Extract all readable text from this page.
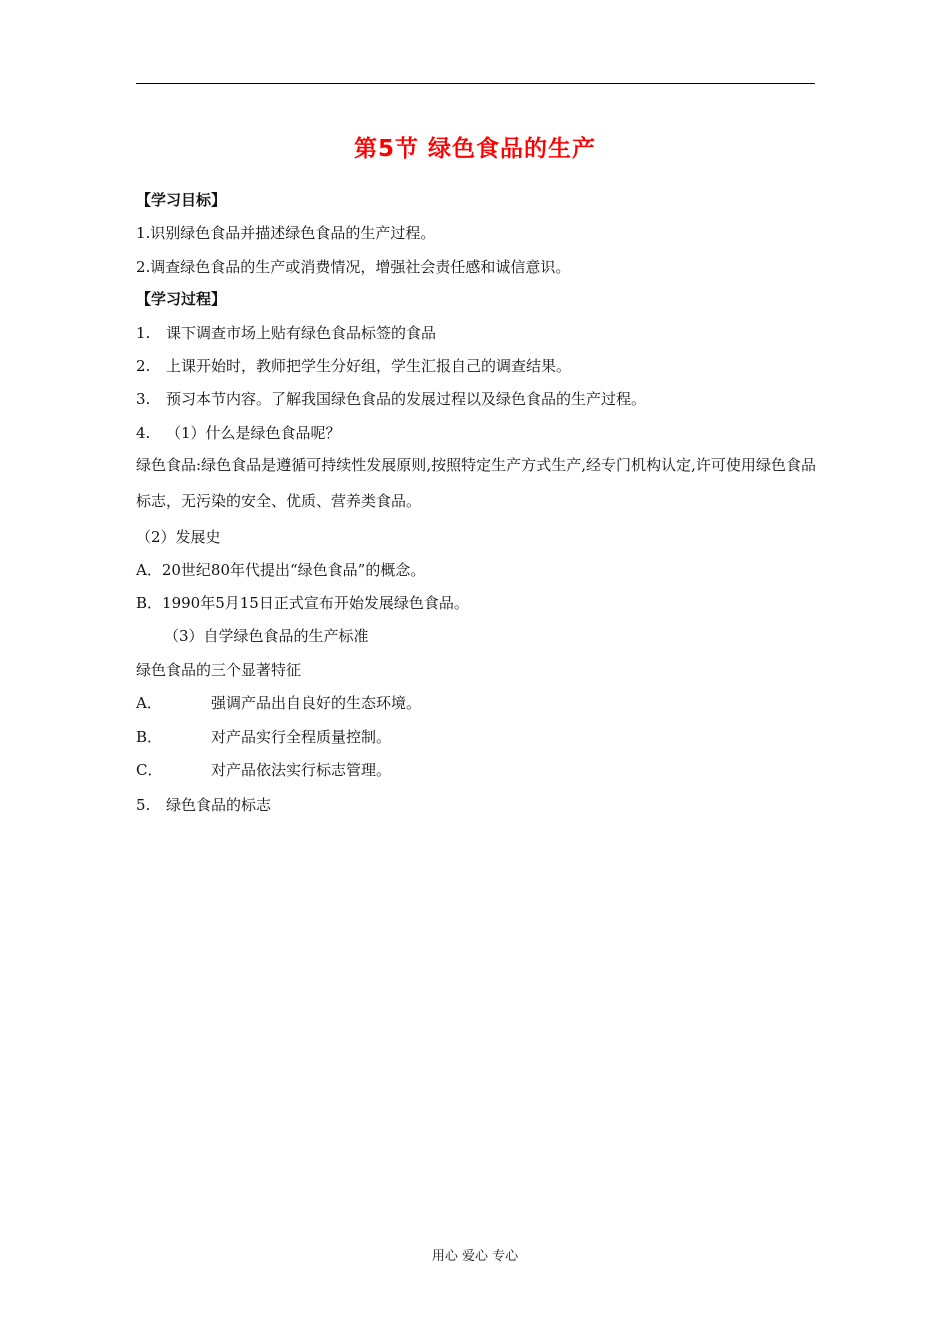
第5节 绿色食品的生产
【学习目标】
1.识别绿色食品并描述绿色食品的生产过程。
2.调查绿色食品的生产或消费情况，增强社会责任感和诚信意识。
【学习过程】
1. 课下调查市场上贴有绿色食品标签的食品
2. 上课开始时，教师把学生分好组，学生汇报自己的调查结果。
3. 预习本节内容。了解我国绿色食品的发展过程以及绿色食品的生产过程。
4. （1）什么是绿色食品呢？
绿色食品:绿色食品是遵循可持续性发展原则,按照特定生产方式生产,经专门机构认定,许可使用绿色食品标志，无污染的安全、优质、营养类食品。
（2）发展史
A．20世纪80年代提出“绿色食品”的概念。
B．1990年5月15日正式宣布开始发展绿色食品。
（3）自学绿色食品的生产标准
绿色食品的三个显著特征
A．	强调产品出自良好的生态环境。
B．	对产品实行全程质量控制。
C．	对产品依法实行标志管理。
5. 绿色食品的标志
用心 爱心 专心
